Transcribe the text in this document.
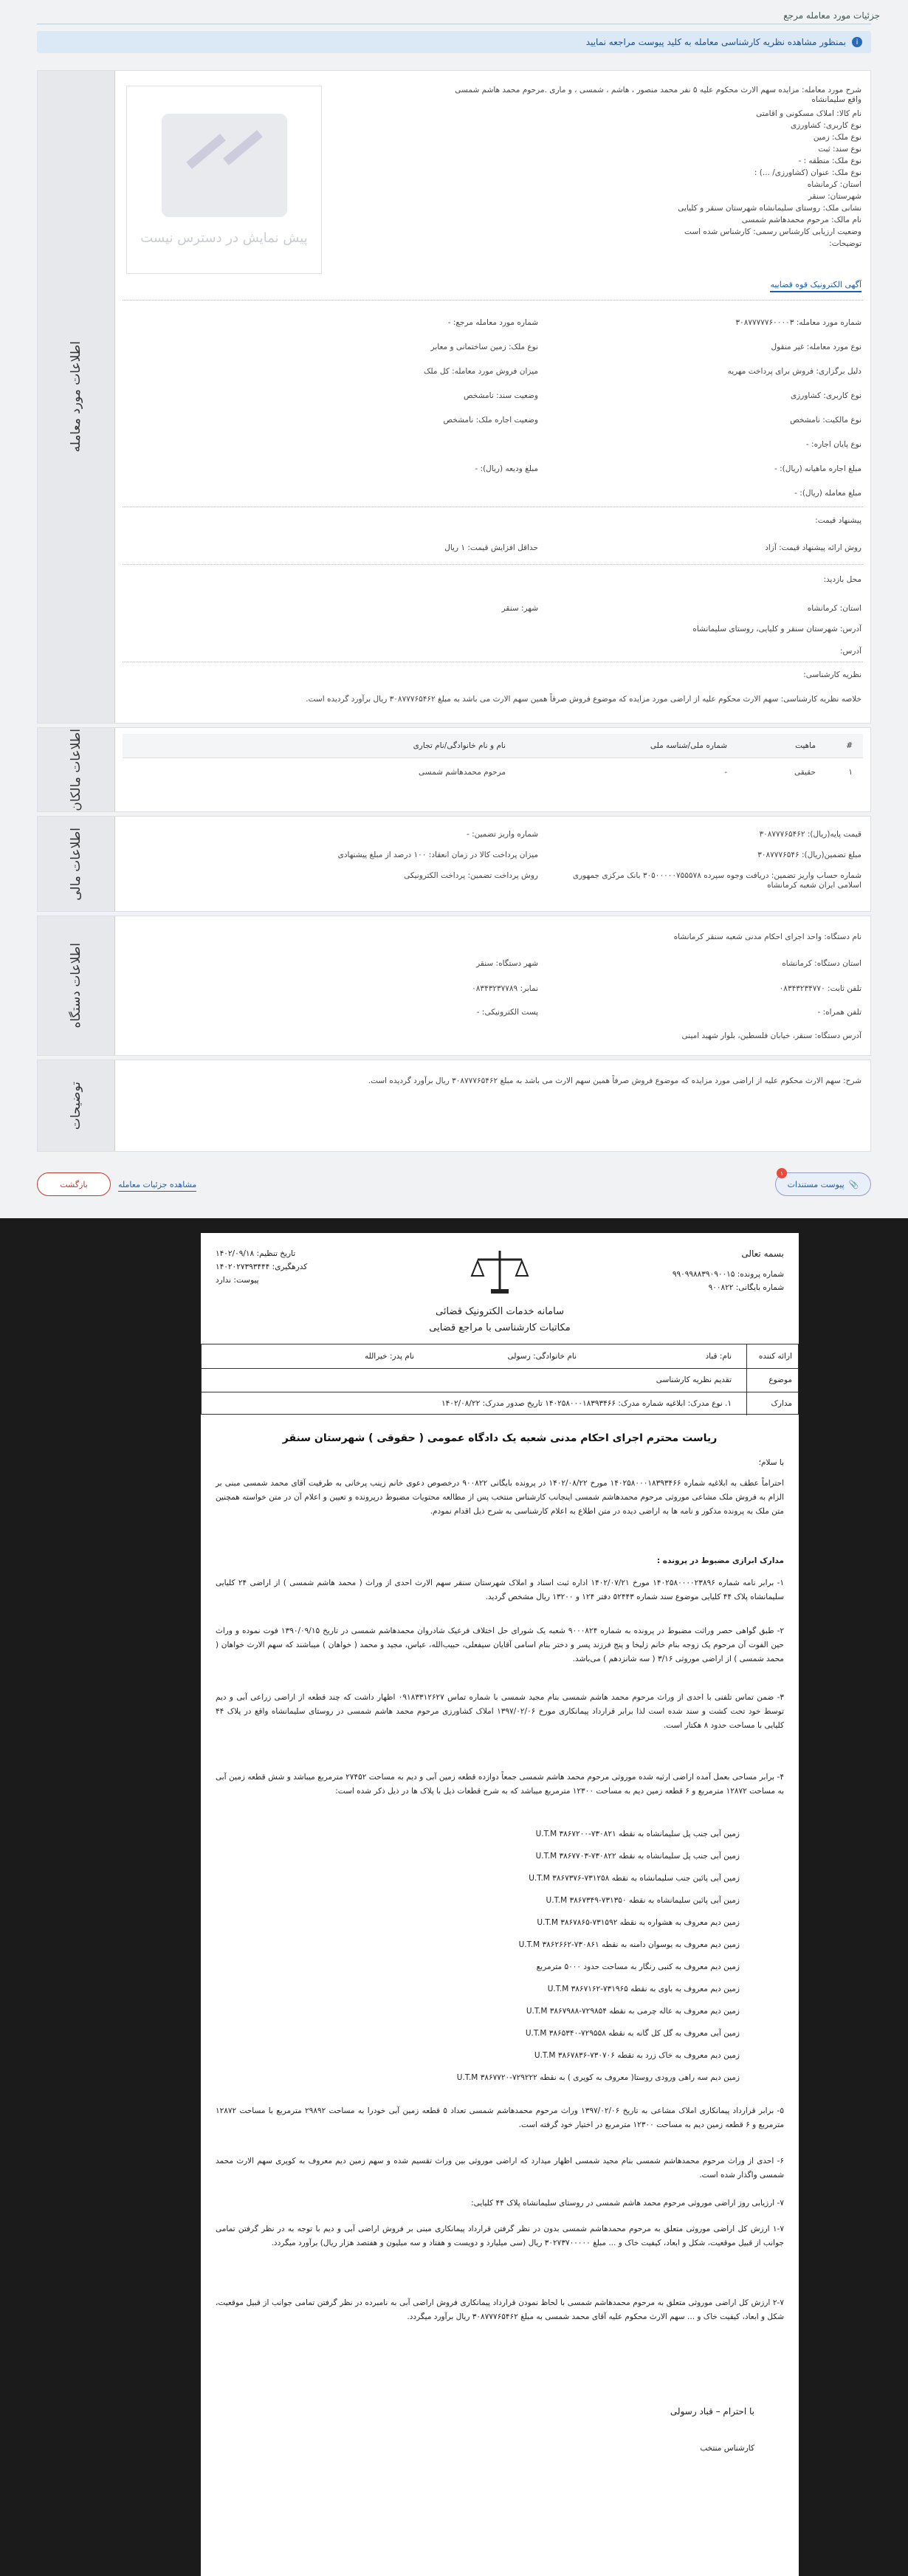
جزئیات مورد معامله مرجع
i
بمنظور مشاهده نظریه کارشناسی معامله به کلید پیوست مراجعه نمایید
اطلاعات مورد معامله
شرح مورد معامله: مزایده سهم الارث محکوم علیه ۵ نفر محمد منصور ، هاشم ، شمسی ، و ماری .مرحوم محمد هاشم شمسی واقع سلیمانشاه
نام کالا: املاک مسکونی و اقامتی
نوع کاربری: کشاورزی
نوع ملک: زمین
نوع سند: ثبت
نوع ملک: منطقه : -
نوع ملک: عنوان (کشاورزی/ ...) :
استان: کرمانشاه
شهرستان: سنقر
نشانی ملک: روستای سلیمانشاه شهرستان سنقر و کلیایی
نام مالک: مرحوم محمدهاشم شمسی
وضعیت ارزیابی کارشناس رسمی: کارشناس شده است
توضیحات:
پیش نمایش در دسترس نیست
آگهی الکترونیک قوه قضاییه
شماره مورد معامله: ۳۰۸۷۷۷۷۷۶۰۰۰۰۳
شماره مورد معامله مرجع: -
نوع مورد معامله: غیر منقول
نوع ملک: زمین ساختمانی و معابر
دلیل برگزاری: فروش برای پرداخت مهریه
میزان فروش مورد معامله: کل ملک
نوع کاربری: کشاورزی
وضعیت سند: نامشخص
نوع مالکیت: نامشخص
وضعیت اجاره ملک: نامشخص
نوع پایان اجاره: -
مبلغ اجاره ماهیانه (ریال): -
مبلغ ودیعه (ریال): -
مبلغ معامله (ریال): -
پیشنهاد قیمت:
روش ارائه پیشنهاد قیمت: آزاد
حداقل افزایش قیمت: ۱ ریال
محل بازدید:
استان: کرمانشاه
شهر: سنقر
آدرس: شهرستان سنقر و کلیایی، روستای سلیمانشاه
آدرس:
نظریه کارشناسی:
خلاصه نظریه کارشناسی: سهم الارث محکوم علیه از اراضی مورد مزایده که موضوع فروش صرفاً همین سهم الارث می باشد به مبلغ ۳۰۸۷۷۷۶۵۴۶۲ ریال برآورد گردیده است.
اطلاعات مالکان	#	ماهیت	شماره ملی/شناسه ملی	نام و نام خانوادگی/نام تجاری
۱	حقیقی	-	مرحوم محمدهاشم شمسی
اطلاعات مالی	قیمت پایه(ریال): ۳۰۸۷۷۷۶۵۴۶۲
مبلغ تضمین(ریال): ۳۰۸۷۷۷۶۵۴۶
شماره واریز تضمین: -
شماره حساب واریز تضمین: دریافت وجوه سپرده ۳۰۵۰۰۰۰۰۷۵۵۵۷۸ بانک مرکزی جمهوری اسلامی ایران شعبه کرمانشاه
میزان پرداخت کالا در زمان انعقاد: ۱۰۰ درصد از مبلغ پیشنهادی
روش پرداخت تضمین: پرداخت الکترونیکی
اطلاعات دستگاه
نام دستگاه: واحد اجرای احکام مدنی شعبه سنقر کرمانشاه
استان دستگاه: کرمانشاه
شهر دستگاه: سنقر
تلفن ثابت: ۰۸۳۴۳۲۳۴۷۷۰
نمابر: ۰۸۳۴۳۲۳۷۷۸۹
تلفن همراه: -
پست الکترونیکی: -
آدرس دستگاه: سنقر، خیابان فلسطین، بلوار شهید امینی
توضیحات
شرح: سهم الارث محکوم علیه از اراضی مورد مزایده که موضوع فروش صرفاً همین سهم الارث می باشد به مبلغ ۳۰۸۷۷۷۶۵۴۶۲ ریال برآورد گردیده است.
بازگشت	مشاهده جزئیات معامله	📎
پیوست مستندات
۱
بسمه تعالی
شماره پرونده: ۹۹۰۹۹۸۸۳۹۰۹۰۰۱۵
شماره بایگانی: ۹۰۰۸۲۲
تاریخ تنظیم: ۱۴۰۲/۰۹/۱۸
کدرهگیری: ۱۴۰۲۰۲۷۳۹۳۴۴۴
پیوست: ندارد
سامانه خدمات الکترونیک قضائی
مکاتبات کارشناسی با مراجع قضایی
ارائه کننده
نام: قباد
نام خانوادگی: رسولی
نام پدر: خیرالله
موضوع
تقدیم نظریه کارشناسی
مدارک
۱. نوع مدرک: ابلاغیه شماره مدرک: ۱۴۰۲۵۸۰۰۰۱۸۳۹۳۴۶۶ تاریخ صدور مدرک: ۱۴۰۲/۰۸/۲۲
ریاست محترم اجرای احکام مدنی شعبه یک دادگاه عمومی ( حقوقی ) شهرستان سنقر
با سلام؛
احتراماً عطف به ابلاغیه شماره ۱۴۰۲۵۸۰۰۰۱۸۳۹۳۴۶۶ مورخ ۱۴۰۲/۰۸/۲۲ در پرونده بایگانی ۹۰۰۸۲۲ درخصوص دعوی خانم زینب پرخانی به طرفیت آقای محمد شمسی مبنی بر الزام به فروش ملک مشاعی موروثی مرحوم محمدهاشم شمسی اینجانب کارشناس منتخب پس از مطالعه محتویات مضبوط درپرونده و تعیین و اعلام آن در متن خواسته همچنین متن ملک به پرونده مذکور و نامه ها به اراضی دیده در متن اطلاع به اعلام کارشناسی به شرح ذیل اقدام نمودم.
مدارک ابرازی مضبوط در پرونده :
۱- برابر نامه شماره ۱۴۰۲۵۸۰۰۰۰۲۳۸۹۶ مورخ ۱۴۰۲/۰۷/۲۱ اداره ثبت اسناد و املاک شهرستان سنقر سهم الارث احدی از وراث ( محمد هاشم شمسی ) از اراضی ۲۴ کلیایی سلیمانشاه پلاک ۴۴ کلیایی موضوع سند شماره ۵۲۴۴۳ دفتر ۱۲۴ و ۱۳۲۰۰ ریال مشخص گردید.
۲- طبق گواهی حصر وراثت مضبوط در پرونده به شماره ۹۰۰۰۸۲۴ شعبه یک شورای حل اختلاف فرعیک شادروان محمدهاشم شمسی در تاریخ ۱۳۹۰/۰۹/۱۵ فوت نموده و وراث حین الفوت آن مرحوم یک زوجه بنام خانم زلیخا و پنج فرزند پسر و دختر بنام اسامی آقایان سیفعلی، حبیب‌الله، عباس، مجید و محمد ( خواهان ) میباشند که سهم الارث خواهان ( محمد شمسی ) از اراضی موروثی ۳/۱۶ ( سه شانزدهم ) می‌باشد.
۳- ضمن تماس تلفنی با احدی از وراث مرحوم محمد هاشم شمسی بنام مجید شمسی با شماره تماس ۰۹۱۸۳۳۱۲۶۲۷ اظهار داشت که چند قطعه از اراضی زراعی آبی و دیم توسط خود تحت کشت و سند شده است لذا برابر قرارداد پیمانکاری مورخ ۱۳۹۷/۰۲/۰۶ املاک کشاورزی مرحوم محمد هاشم شمسی در روستای سلیمانشاه واقع در پلاک ۴۴ کلیایی با مساحت حدود ۸ هکتار است.
۴- برابر مساحی بعمل آمده اراضی ارثیه شده موروثی مرحوم محمد هاشم شمسی جمعاً دوازده قطعه زمین آبی و دیم به مساحت ۲۷۴۵۲ مترمربع میباشد و شش قطعه زمین آبی به مساحت ۱۲۸۷۲ مترمربع و ۶ قطعه زمین دیم به مساحت ۱۲۳۰۰ مترمربع میباشد که به شرح قطعات ذیل با پلاک ها در ذیل ذکر شده است:
زمین آبی جنب پل سلیمانشاه به نقطه U.T.M ۳۸۶۷۲۰۰-۷۳۰۸۲۱
زمین آبی جنب پل سلیمانشاه به نقطه U.T.M ۳۸۶۷۷۰۳-۷۳۰۸۲۲
زمین آبی پائین جنب سلیمانشاه به نقطه U.T.M ۳۸۶۷۳۷۶-۷۳۱۲۵۸
زمین آبی پائین سلیمانشاه به نقطه U.T.M ۳۸۶۷۳۴۹-۷۳۱۳۵۰
زمین دیم معروف به هشواره به نقطه U.T.M ۳۸۶۷۸۶۵-۷۳۱۵۹۲
زمین دیم معروف به یوسوان دامنه به نقطه U.T.M ۳۸۶۲۶۶۲-۷۳۰۸۶۱
زمین دیم معروف به کنبی رنگار به مساحت حدود ۵۰۰۰ مترمربع
زمین دیم معروف به باوی به نقطه U.T.M ۳۸۶۷۱۶۲-۷۳۱۹۶۵
زمین دیم معروف به عاله چرمی به نقطه U.T.M ۳۸۶۷۹۸۸-۷۲۹۸۵۴
زمین آبی معروف به گل کل گانه به نقطه U.T.M ۳۸۶۵۳۴۰-۷۲۹۵۵۸
زمین دیم معروف به خاک زرد به نقطه U.T.M ۳۸۶۷۸۳۶-۷۳۰۷۰۶
زمین دیم سه راهی ورودی روستا( معروف به کوپری ) به نقطه U.T.M ۳۸۶۷۷۲۰-۷۲۹۲۲۲
۵- برابر قرارداد پیمانکاری املاک مشاعی به تاریخ ۱۳۹۷/۰۲/۰۶ وراث مرحوم محمدهاشم شمسی تعداد ۵ قطعه زمین آبی خودرا به مساحت ۲۹۸۹۲ مترمربع با مساحت ۱۲۸۷۲ مترمربع و ۶ قطعه زمین دیم به مساحت ۱۲۳۰۰ مترمربع در اختیار خود گرفته است.
۶- احدی از وراث مرحوم محمدهاشم شمسی بنام مجید شمسی اظهار میدارد که اراضی موروثی بین وراث تقسیم شده و سهم زمین دیم معروف به کوپری سهم الارث محمد شمسی واگذار شده است.
۷- ارزیابی روز اراضی موروثی مرحوم محمد هاشم شمسی در روستای سلیمانشاه پلاک ۴۴ کلیایی:
۱-۷ ارزش کل اراضی موروثی متعلق به مرحوم محمدهاشم شمسی بدون در نظر گرفتن قرارداد پیمانکاری مبنی بر فروش اراضی آبی و دیم با توجه به در نظر گرفتن تمامی جوانب از قبیل موقعیت، شکل و ابعاد، کیفیت خاک و ... مبلغ ۳۰۲۷۳۷۰۰۰۰۰ ریال (سی میلیارد و دویست و هفتاد و سه میلیون و هفتصد هزار ریال) برآورد میگردد.
۲-۷ ارزش کل اراضی موروثی متعلق به مرحوم محمدهاشم شمسی با لحاظ نمودن قرارداد پیمانکاری فروش اراضی آبی به نامبرده در نظر گرفتن تمامی جوانب از قبیل موقعیت، شکل و ابعاد، کیفیت خاک و ... سهم الارث محکوم علیه آقای محمد شمسی به مبلغ ۳۰۸۷۷۷۶۵۴۶۲ ریال برآورد میگردد.
با احترام – قباد رسولی
کارشناس منتخب
